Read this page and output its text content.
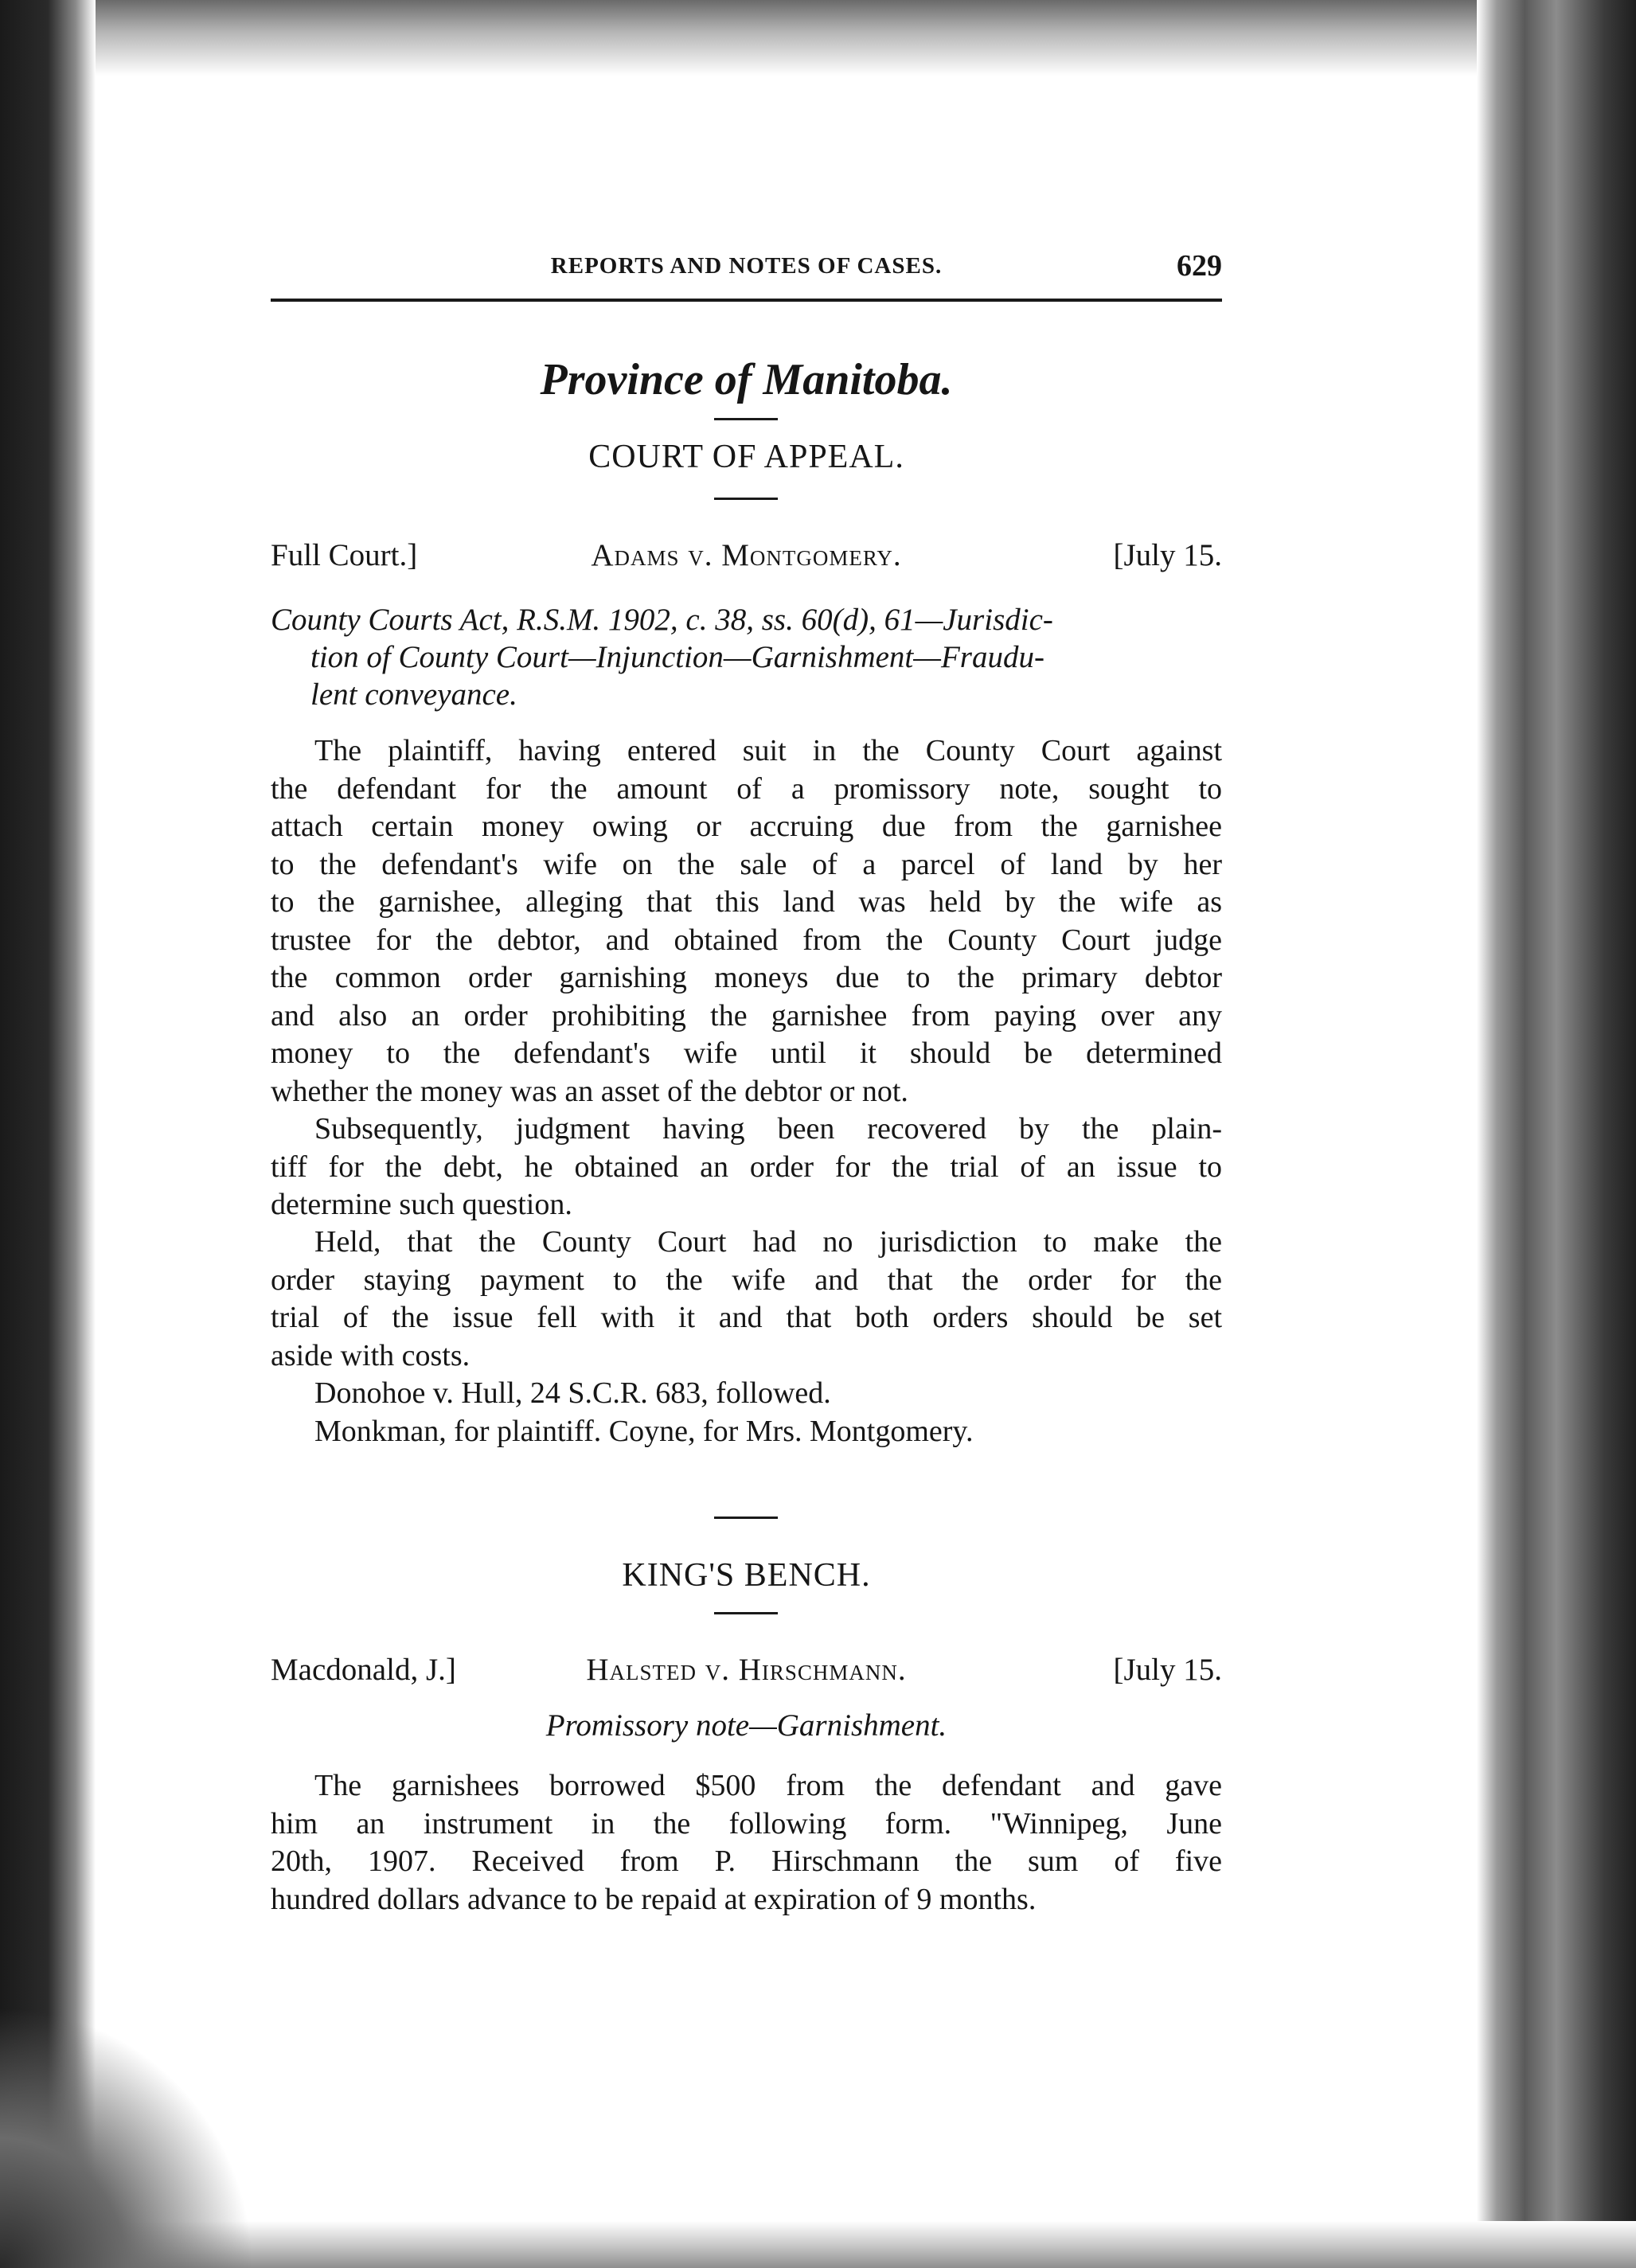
REPORTS AND NOTES OF CASES.	629
Province of Manitoba.
COURT OF APPEAL.
Full Court.]	Adams v. Montgomery.	[July 15.
County Courts Act, R.S.M. 1902, c. 38, ss. 60(d), 61—Jurisdic-
tion of County Court—Injunction—Garnishment—Fraudu-
lent conveyance.
The plaintiff, having entered suit in the County Court against
the defendant for the amount of a promissory note, sought to
attach certain money owing or accruing due from the garnishee
to the defendant's wife on the sale of a parcel of land by her
to the garnishee, alleging that this land was held by the wife as
trustee for the debtor, and obtained from the County Court judge
the common order garnishing moneys due to the primary debtor
and also an order prohibiting the garnishee from paying over any
money to the defendant's wife until it should be determined
whether the money was an asset of the debtor or not.
Subsequently, judgment having been recovered by the plain-
tiff for the debt, he obtained an order for the trial of an issue to
determine such question.
Held, that the County Court had no jurisdiction to make the
order staying payment to the wife and that the order for the
trial of the issue fell with it and that both orders should be set
aside with costs.
Donohoe v. Hull, 24 S.C.R. 683, followed.
Monkman, for plaintiff. Coyne, for Mrs. Montgomery.
KING'S BENCH.
Macdonald, J.]	Halsted v. Hirschmann.	[July 15.
Promissory note—Garnishment.
The garnishees borrowed $500 from the defendant and gave
him an instrument in the following form. "Winnipeg, June
20th, 1907. Received from P. Hirschmann the sum of five
hundred dollars advance to be repaid at expiration of 9 months.
